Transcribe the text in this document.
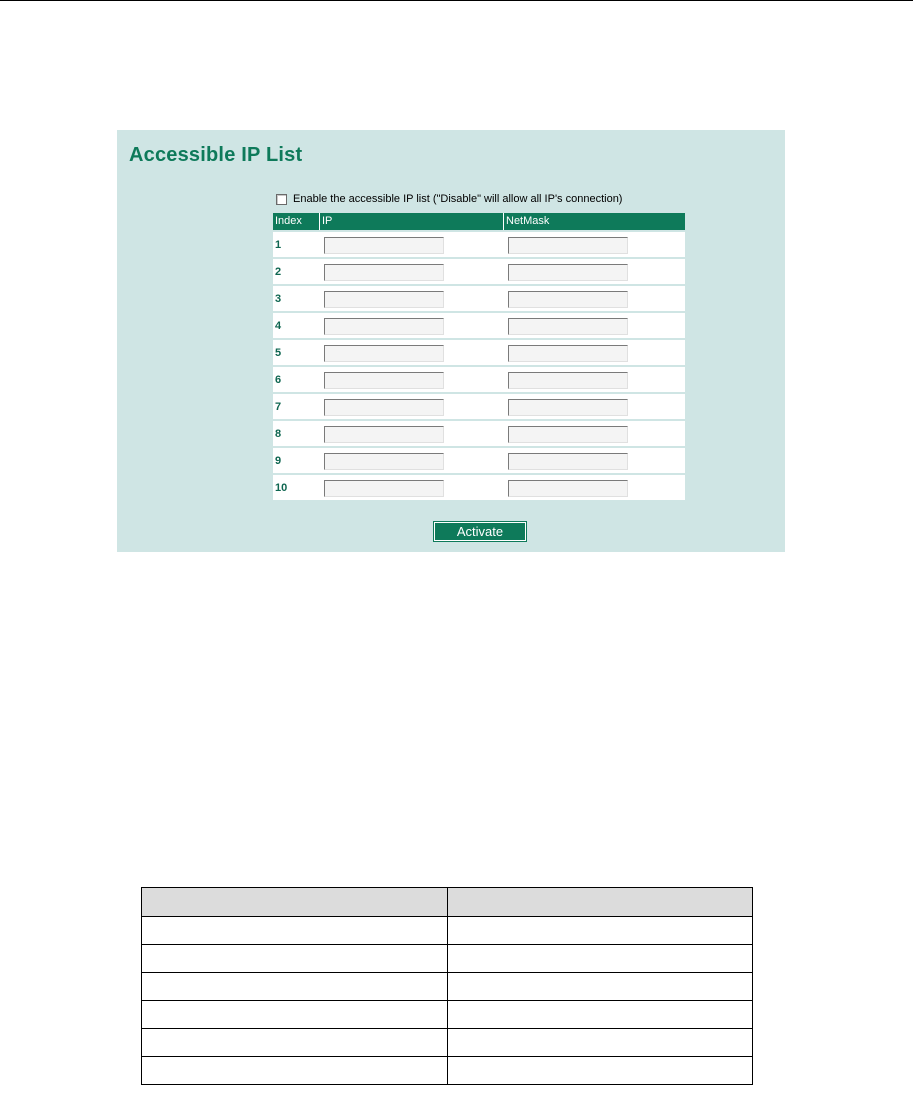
Accessible IP List
Enable the accessible IP list ("Disable" will allow all IP's connection)
Index	IP	NetMask
1
2
3
4
5
6
7
8
9
10
Activate
